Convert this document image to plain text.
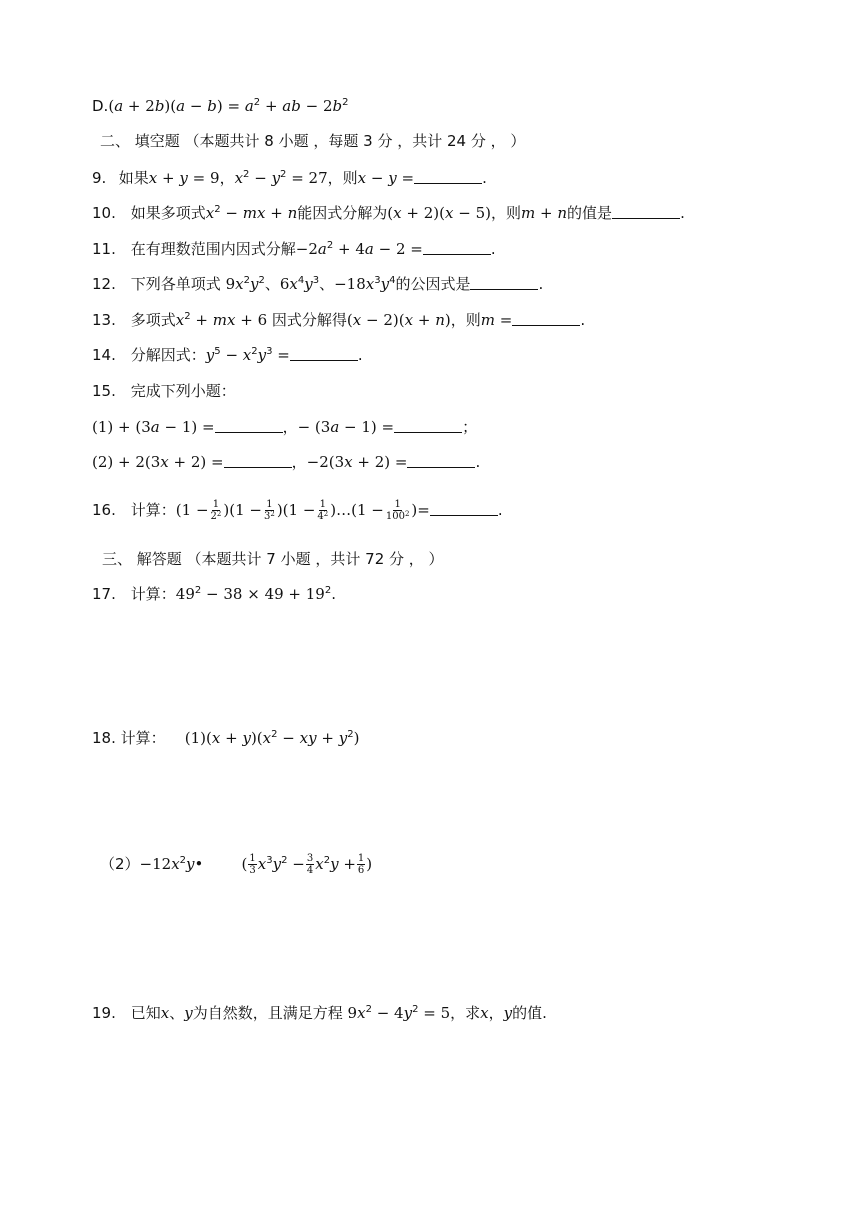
$D.(a + 2b)(a - b) = a^2$ + ab − $2b^2$
二、 填空题 （本题共计 8 小题 ，每题 3 分 ，共计 24 分 ， ）
9. 如果x + y = 9，$x^2 - y^2 = 27$，则x − y =	.
10. 如果多项式$x^2$ − mx + n能因式分解为(x + 2)(x − 5)，则m + n的值是	.
11. 在有理数范围内因式分解$-2a^2 + 4a - 2$ =	.
12. 下列各单项式 $9x^2y^2$、$6x^4y^3$、$-18x^3y^4$的公因式是	.
13. 多项式$x^2$ + mx + 6 因式分解得(x − 2)(x + n)，则m =	.
14. 分解因式：$y^5 - x^2y^3$ =	.
15. 完成下列小题：
(1) + (3a − 1) =	，− (3a − 1) =	；
(2) + 2(3x + 2) =	，−2(3x + 2) =	.
16. 计算：$(1 - \frac{1}{2^2} )(1 - \frac{1}{3^2} )(1 - \frac{1}{4^2}$ )…(1 − $\frac{1}{100^2}$ )=	.
三、 解答题 （本题共计 7 小题 ，共计 72 分 ， ）
17. 计算：$49^2 - 38 \times 49 + 19^2$.
18. 计算： $(1)(x + y)(x^2$ − xy + $y^2$)
$(2)-12x^2y•$	( $\frac{1}{3} x^3y^2 - \frac{3}{4} x^2y + \frac{1}{6}$ )
19. 已知x、y为自然数，且满足方程 $9x^2 - 4y^2 = 5$，求x，y的值.
